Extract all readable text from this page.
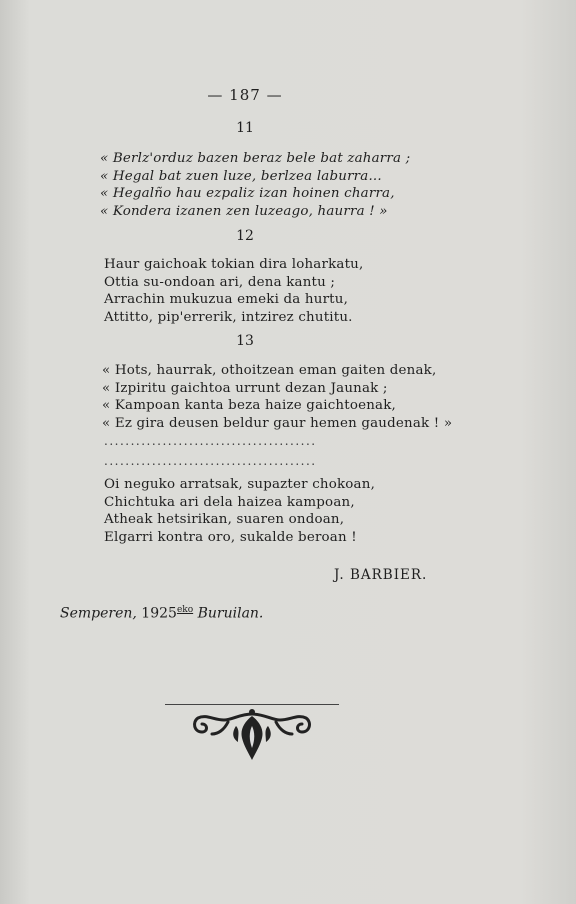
— 187 —
11
« Berlz'orduz bazen beraz bele bat zaharra ;
« Hegal bat zuen luze, berlzea laburra...
« Hegalño hau ezpaliz izan hoinen charra,
« Kondera izanen zen luzeago, haurra ! »
12
Haur gaichoak tokian dira loharkatu,
Ottia su-ondoan ari, dena kantu ;
Arrachin mukuzua emeki da hurtu,
Attitto, pip'errerik, intzirez chutitu.
13
« Hots, haurrak, othoitzean eman gaiten denak,
« Izpiritu gaichtoa urrunt dezan Jaunak ;
« Kampoan kanta beza haize gaichtoenak,
« Ez gira deusen beldur gaur hemen gaudenak ! »
........................................
........................................
Oi neguko arratsak, supazter chokoan,
Chichtuka ari dela haizea kampoan,
Atheak hetsirikan, suaren ondoan,
Elgarri kontra oro, sukalde beroan !
J. BARBIER.
Semperen, $1925^{eko}$ Buruilan.
